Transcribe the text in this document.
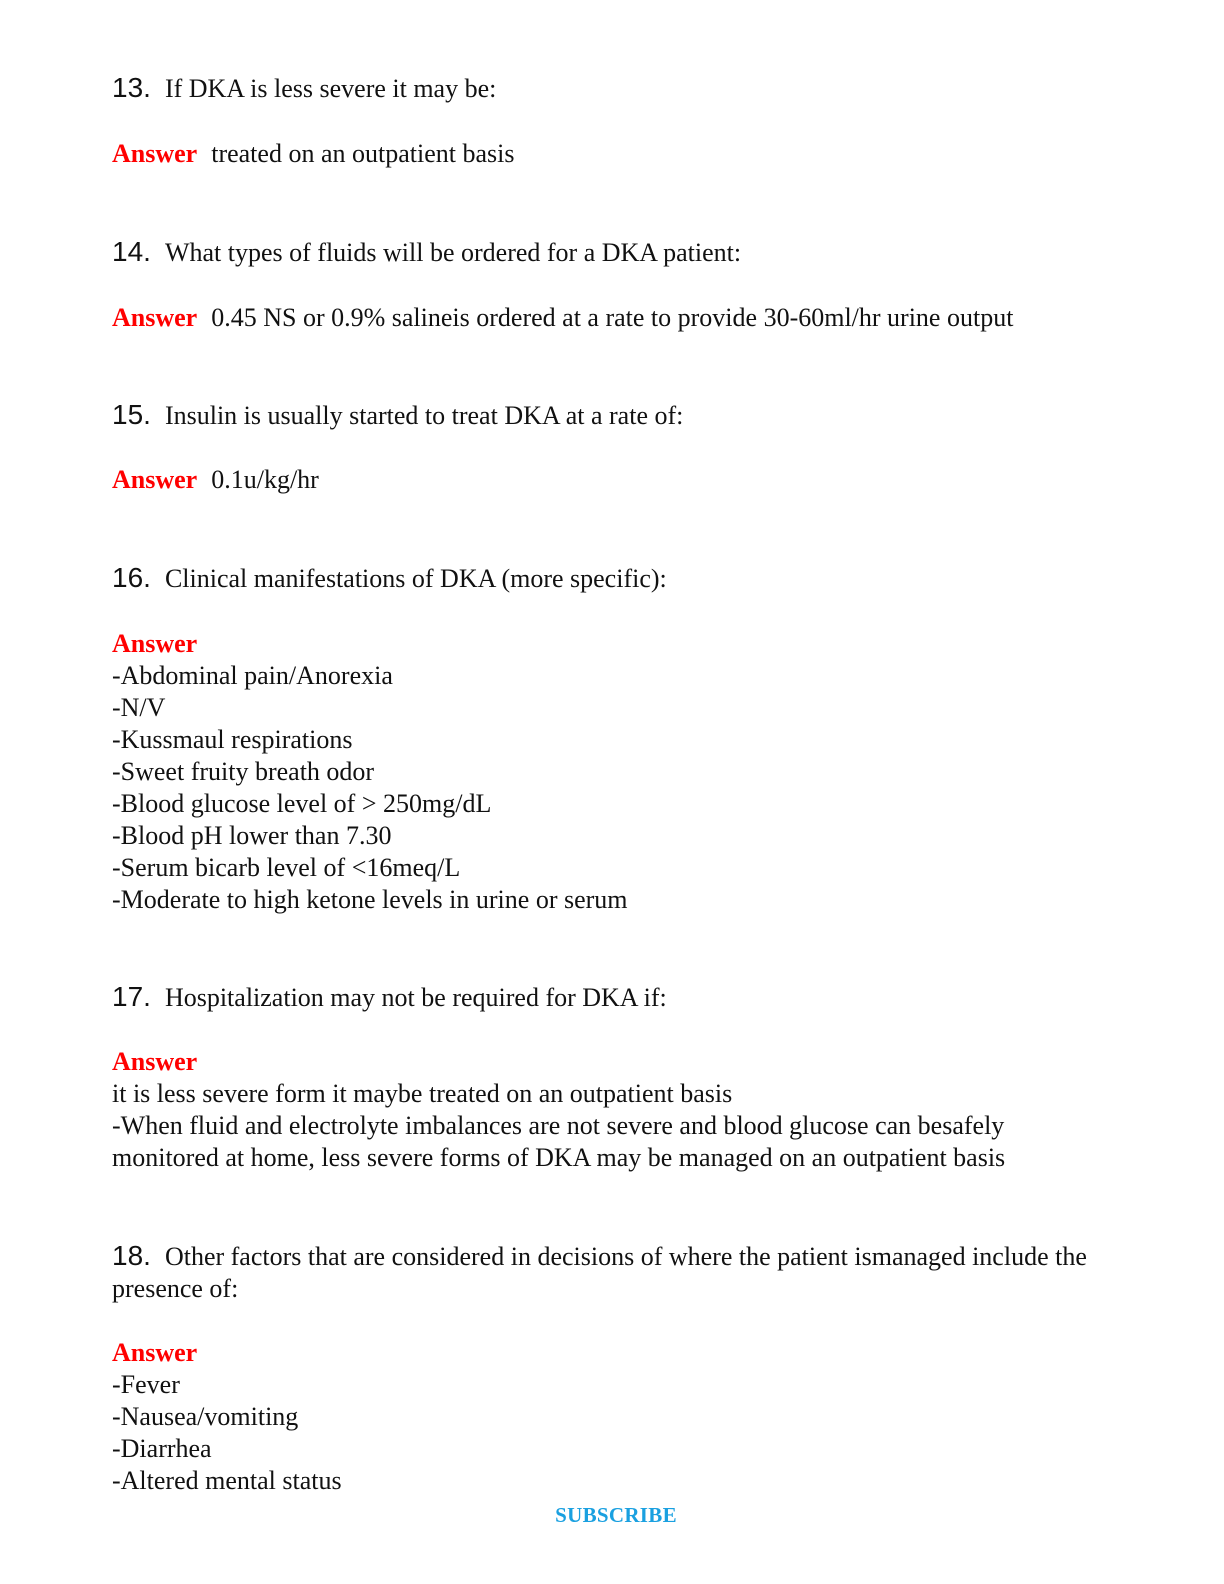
13. If DKA is less severe it may be:
Answer treated on an outpatient basis
14. What types of fluids will be ordered for a DKA patient:
Answer 0.45 NS or 0.9% salineis ordered at a rate to provide 30-60ml/hr urine output
15. Insulin is usually started to treat DKA at a rate of:
Answer 0.1u/kg/hr
16. Clinical manifestations of DKA (more specific):
Answer
-Abdominal pain/Anorexia
-N/V
-Kussmaul respirations
-Sweet fruity breath odor
-Blood glucose level of > 250mg/dL
-Blood pH lower than 7.30
-Serum bicarb level of <16meq/L
-Moderate to high ketone levels in urine or serum
17. Hospitalization may not be required for DKA if:
Answer
it is less severe form it maybe treated on an outpatient basis
-When fluid and electrolyte imbalances are not severe and blood glucose can besafely
monitored at home, less severe forms of DKA may be managed on an outpatient basis
18. Other factors that are considered in decisions of where the patient ismanaged include the presence of:
Answer
-Fever
-Nausea/vomiting
-Diarrhea
-Altered mental status
SUBSCRIBE
